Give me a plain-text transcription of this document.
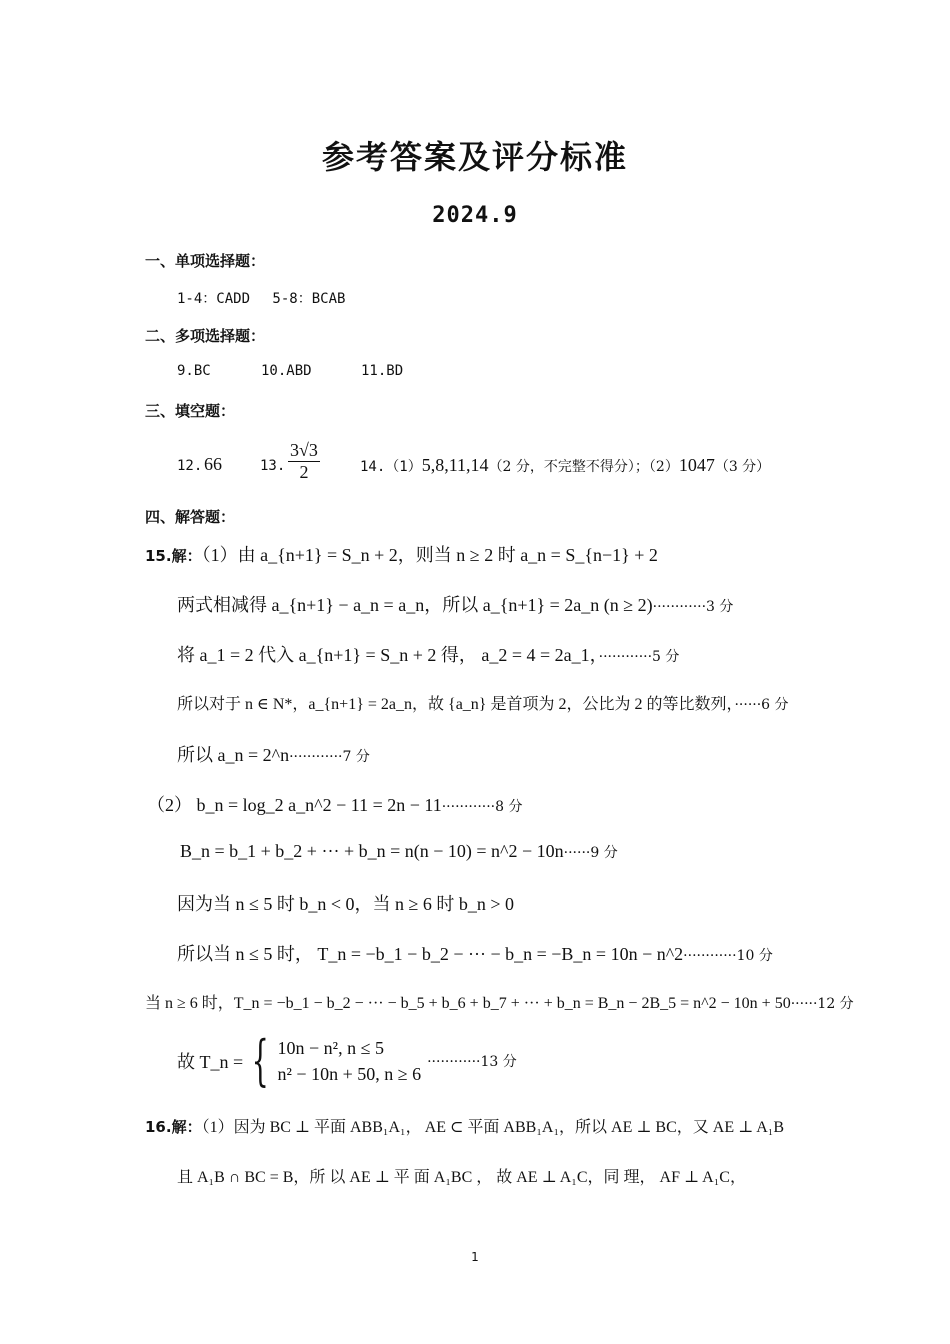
参考答案及评分标准
2024.9
一、单项选择题：
1-4：CADD　 5-8：BCAB
二、多项选择题：
9.BC	10.ABD	11.BD
三、填空题：
12. 66	13. $\frac{3√3}{2}$	14.（1）5,8,11,14（2 分，不完整不得分）；（2）1047（3 分）
四、解答题：
15.解：（1）由 a_{n+1} = S_n + 2，则当 n ≥ 2 时 a_n = S_{n−1} + 2
两式相减得 a_{n+1} − a_n = a_n，所以 a_{n+1} = 2a_n (n ≥ 2)············3 分
将 a_1 = 2 代入 a_{n+1} = S_n + 2 得， a_2 = 4 = 2a_1，············5 分
所以对于 n ∈ N*，a_{n+1} = 2a_n，故 {a_n} 是首项为 2，公比为 2 的等比数列，······6 分
所以 a_n = 2^n············7 分
（2） b_n = log_2 a_n^2 − 11 = 2n − 11············8 分
B_n = b_1 + b_2 + ··· + b_n = n(n − 10) = n^2 − 10n······9 分
因为当 n ≤ 5 时 b_n < 0，当 n ≥ 6 时 b_n > 0
所以当 n ≤ 5 时， T_n = −b_1 − b_2 − ··· − b_n = −B_n = 10n − n^2············10 分
当 n ≥ 6 时，T_n = −b_1 − b_2 − ··· − b_5 + b_6 + b_7 + ··· + b_n = B_n − 2B_5 = n^2 − 10n + 50······12 分
故 T_n = { 10n − n², n ≤ 5
n² − 10n + 50, n ≥ 6
············13 分
16.解：（1）因为 BC ⊥ 平面 ABB₁A₁， AE ⊂ 平面 ABB₁A₁，所以 AE ⊥ BC，又 AE ⊥ A₁B
且 A₁B ∩ BC = B，所 以 AE ⊥ 平 面 A₁BC ， 故 AE ⊥ A₁C，同 理， AF ⊥ A₁C，
1
